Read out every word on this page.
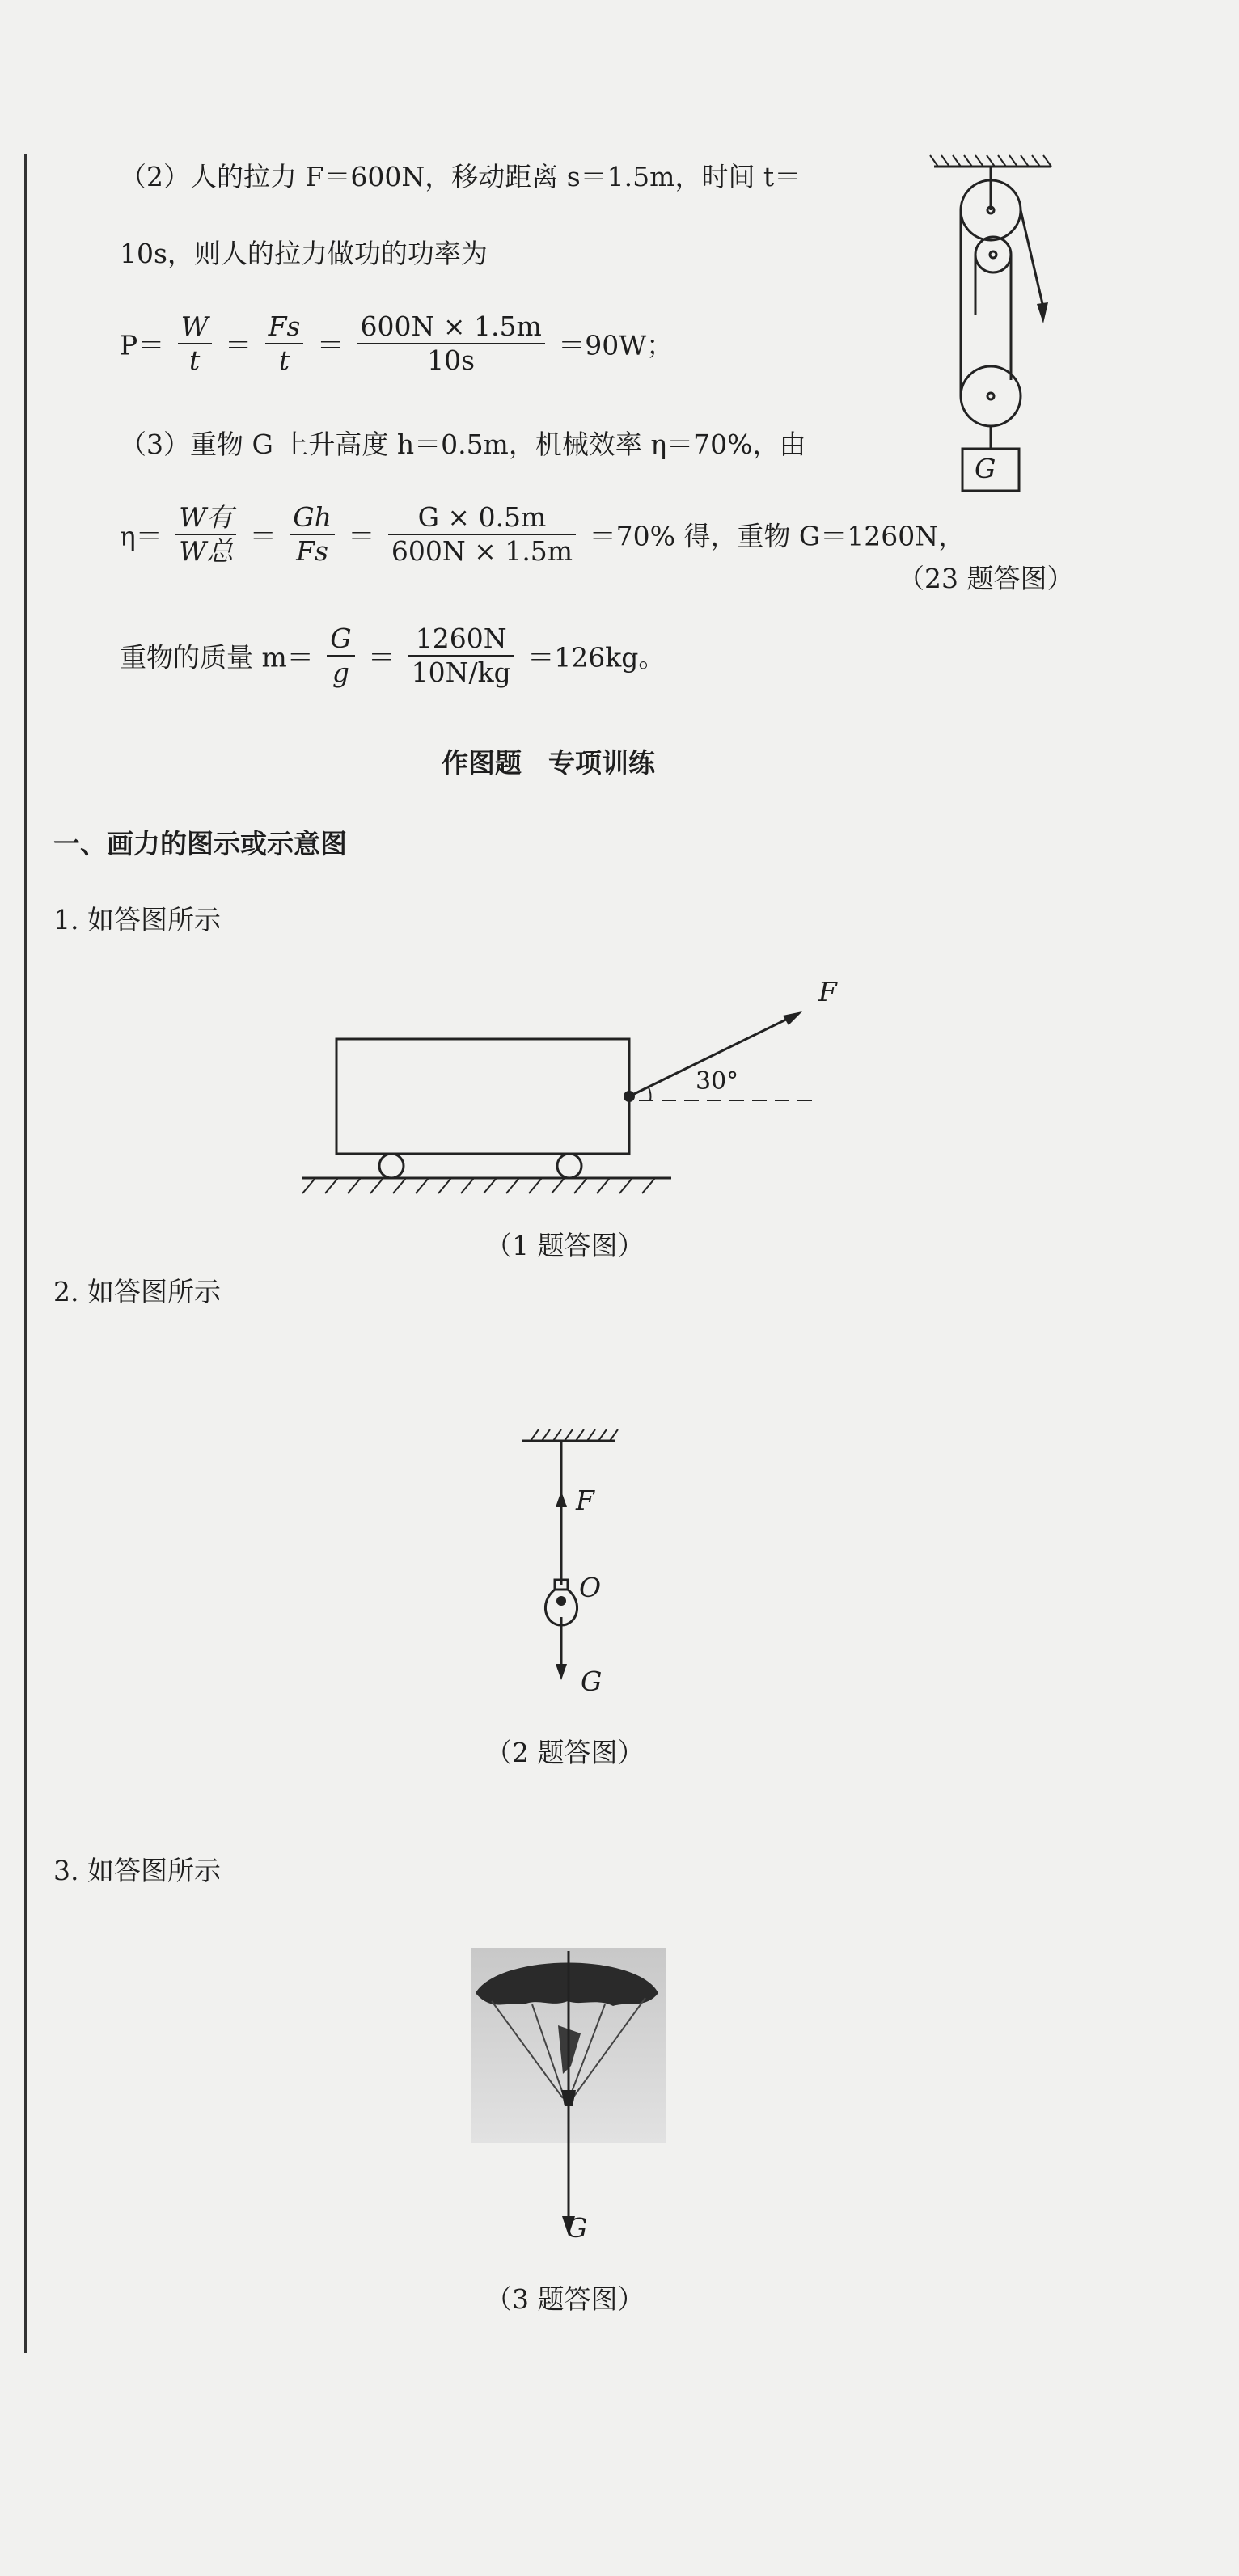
（2）人的拉力 F＝600N，移动距离 s＝1.5m，时间 t＝
10s，则人的拉力做功的功率为
$P= \frac{W}{t} = \frac{Fs}{t} = \frac{600N \times 1.5m}{10s} =90W$；
（3）重物 G 上升高度 h＝0.5m，机械效率 η＝70%，由
$\eta= \frac{\text{W有}}{\text{W总}} = \frac{Gh}{Fs} = \frac{G \times 0.5m}{600N \times 1.5m} =70\%$ 得，重物 G＝1260N，
重物的质量 $m= \frac{G}{g} = \frac{1260N}{10N/kg} =126kg$。
G
（23 题答图）
作图题　专项训练
一、画力的图示或示意图
1. 如答图所示
F
30°
（1 题答图）
2. 如答图所示
F
O
G
（2 题答图）
3. 如答图所示
G
（3 题答图）
